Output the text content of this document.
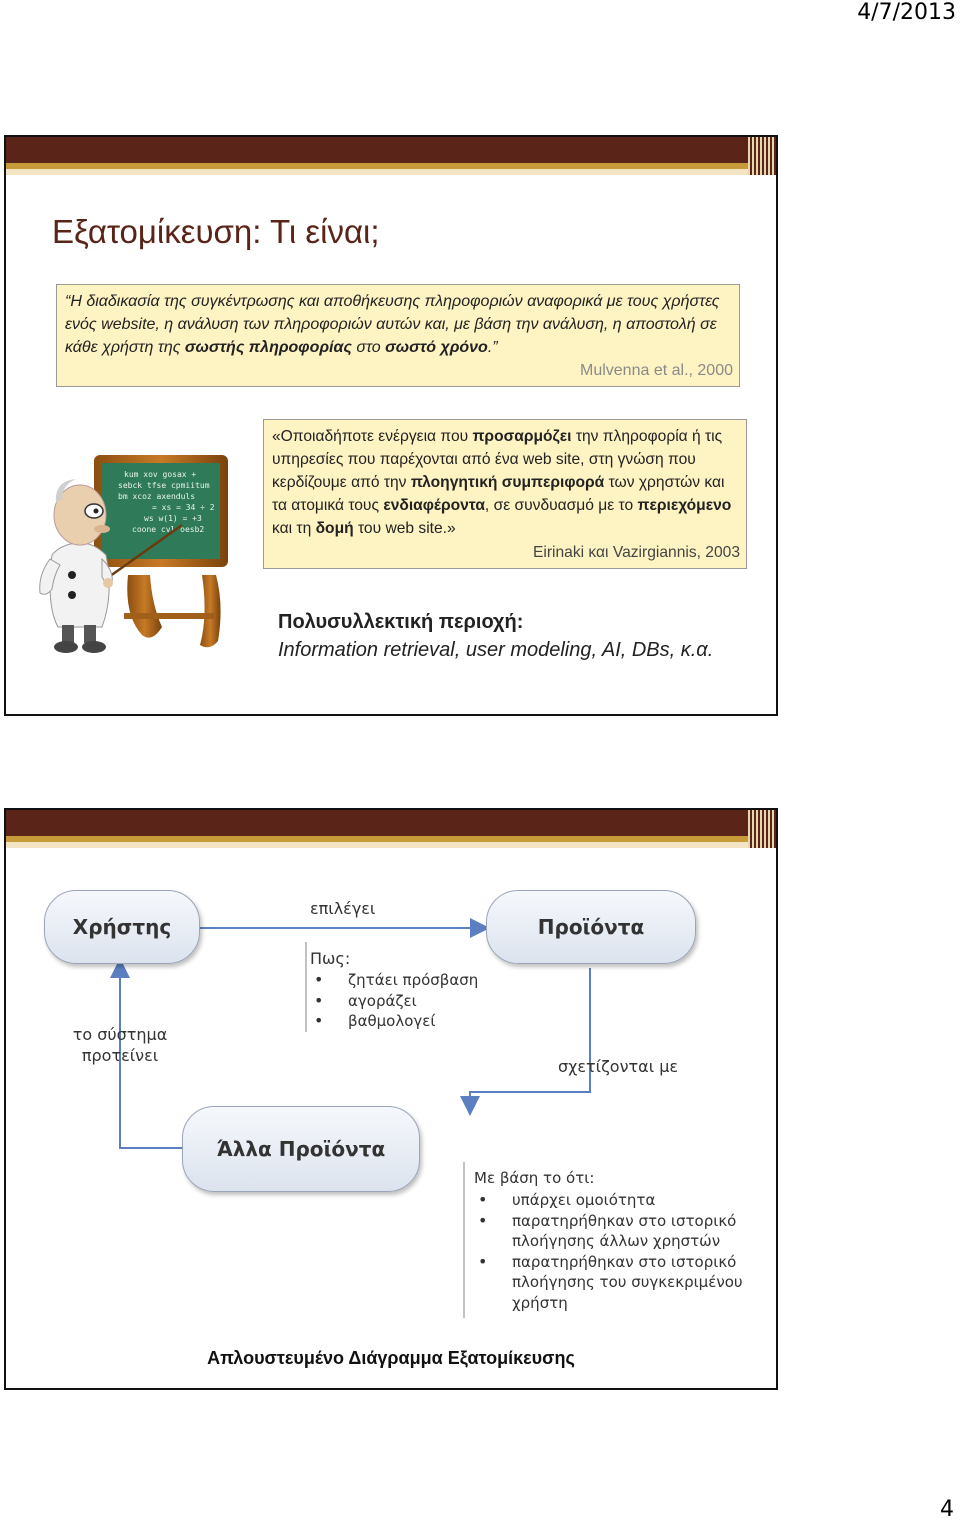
4/7/2013
Εξατομίκευση: Τι είναι;
“Η διαδικασία της συγκέντρωσης και αποθήκευσης πληροφοριών αναφορικά με τους χρήστες ενός website, η ανάλυση των πληροφοριών αυτών και, με βάση την ανάλυση, η αποστολή σε κάθε χρήστη της σωστής πληροφορίας στο σωστό χρόνο.”
Mulvenna et al., 2000
kum xov gosax +
sebck tfse cpmiitum
bm xcoz axenduls
= xs = 34 ÷ 2
ws w(1) = +3
coone cvl oesb2
«Οποιαδήποτε ενέργεια που προσαρμόζει την πληροφορία ή τις υπηρεσίες που παρέχονται από ένα web site, στη γνώση που κερδίζουμε από την πλοηγητική συμπεριφορά των χρηστών και τα ατομικά τους ενδιαφέροντα, σε συνδυασμό με το περιεχόμενο και τη δομή του web site.»
Eirinaki και Vazirgiannis, 2003
Πολυσυλλεκτική περιοχή:
Information retrieval, user modeling, AI, DBs, κ.α.
Χρήστης	Προϊόντα
Άλλα Προϊόντα
επιλέγει
Πως:
• ζητάει πρόσβαση
• αγοράζει
• βαθμολογεί
το σύστημα
προτείνει
σχετίζονται με
Με βάση το ότι:
• υπάρχει ομοιότητα
• παρατηρήθηκαν στο ιστορικό πλοήγησης άλλων χρηστών
• παρατηρήθηκαν στο ιστορικό πλοήγησης του συγκεκριμένου χρήστη
Απλουστευμένο Διάγραμμα Εξατομίκευσης
4
